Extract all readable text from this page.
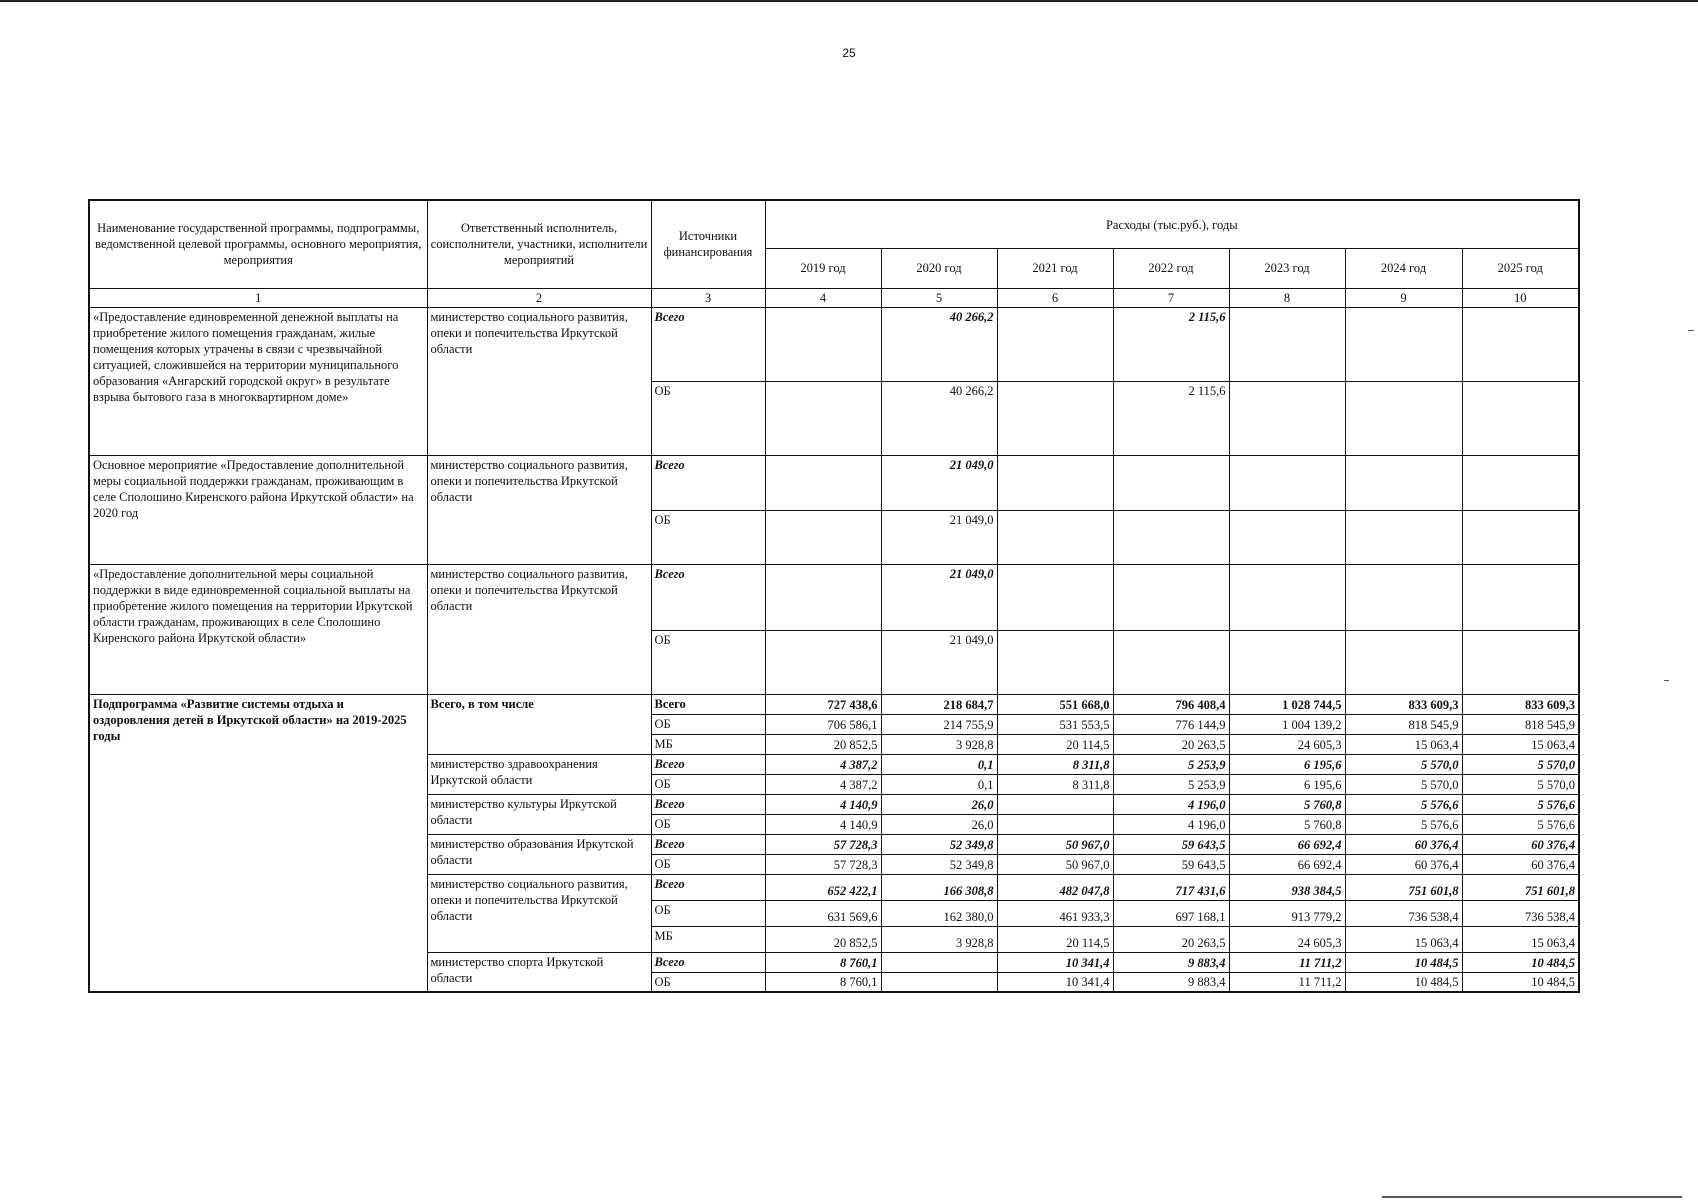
25
Наименование государственной программы, подпрограммы, ведомственной целевой программы, основного мероприятия, мероприятия	Ответственный исполнитель, соисполнители, участники, исполнители мероприятий	Источники финансирования	Расходы (тыс.руб.), годы						
			2019 год	2020 год	2021 год	2022 год	2023 год	2024 год	2025 год
1	2	3	4	5	6	7	8	9	10
«Предоставление единовременной денежной выплаты на приобретение жилого помещения гражданам, жилые помещения которых утрачены в связи с чрезвычайной ситуацией, сложившейся на территории муниципального образования «Ангарский городской округ» в результате взрыва бытового газа в многоквартирном доме»	министерство социального развития, опеки и попечительства Иркутской области	Всего		40 266,2		2 115,6			
		ОБ		40 266,2		2 115,6			
Основное мероприятие «Предоставление дополнительной меры социальной поддержки гражданам, проживающим в селе Сполошино Киренского района Иркутской области» на 2020 год	министерство социального развития, опеки и попечительства Иркутской области	Всего		21 049,0					
		ОБ		21 049,0					
«Предоставление дополнительной меры социальной поддержки в виде единовременной социальной выплаты на приобретение жилого помещения на территории Иркутской области гражданам, проживающих в селе Сполошино Киренского района Иркутской области»	министерство социального развития, опеки и попечительства Иркутской области	Всего		21 049,0					
		ОБ		21 049,0					
Подпрограмма «Развитие системы отдыха и оздоровления детей в Иркутской области» на 2019-2025 годы	Всего, в том числе	Всего	727 438,6	218 684,7	551 668,0	796 408,4	1 028 744,5	833 609,3	833 609,3
		ОБ	706 586,1	214 755,9	531 553,5	776 144,9	1 004 139,2	818 545,9	818 545,9
		МБ	20 852,5	3 928,8	20 114,5	20 263,5	24 605,3	15 063,4	15 063,4
	министерство здравоохранения Иркутской области	Всего	4 387,2	0,1	8 311,8	5 253,9	6 195,6	5 570,0	5 570,0
		ОБ	4 387,2	0,1	8 311,8	5 253,9	6 195,6	5 570,0	5 570,0
	министерство культуры Иркутской области	Всего	4 140,9	26,0		4 196,0	5 760,8	5 576,6	5 576,6
		ОБ	4 140,9	26,0		4 196,0	5 760,8	5 576,6	5 576,6
	министерство образования Иркутской области	Всего	57 728,3	52 349,8	50 967,0	59 643,5	66 692,4	60 376,4	60 376,4
		ОБ	57 728,3	52 349,8	50 967,0	59 643,5	66 692,4	60 376,4	60 376,4
	министерство социального развития, опеки и попечительства Иркутской области	Всего	652 422,1	166 308,8	482 047,8	717 431,6	938 384,5	751 601,8	751 601,8
		ОБ	631 569,6	162 380,0	461 933,3	697 168,1	913 779,2	736 538,4	736 538,4
		МБ	20 852,5	3 928,8	20 114,5	20 263,5	24 605,3	15 063,4	15 063,4
	министерство спорта Иркутской области	Всего	8 760,1		10 341,4	9 883,4	11 711,2	10 484,5	10 484,5
		ОБ	8 760,1		10 341,4	9 883,4	11 711,2	10 484,5	10 484,5
